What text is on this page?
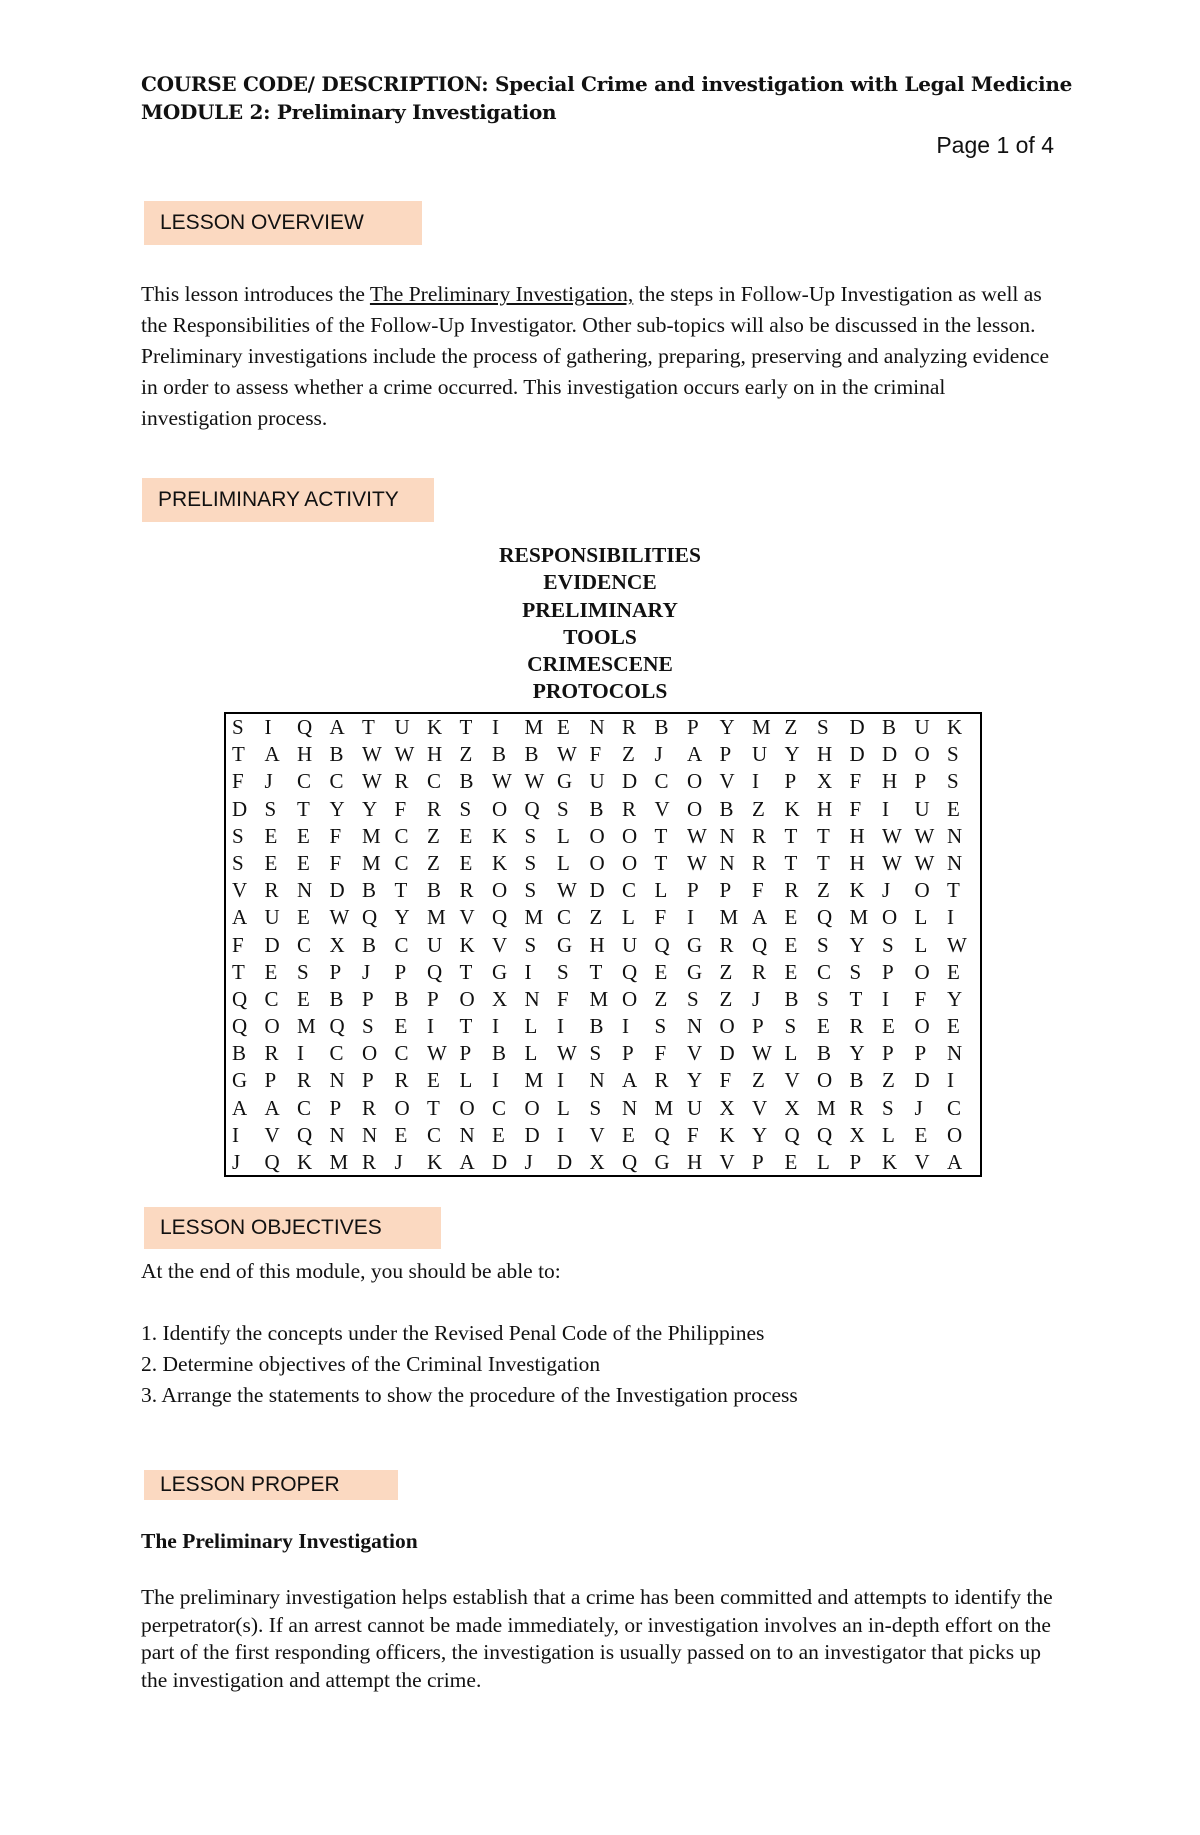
COURSE CODE/ DESCRIPTION: Special Crime and investigation with Legal Medicine
MODULE 2: Preliminary Investigation
Page 1 of 4
LESSON OVERVIEW

This lesson introduces the The Preliminary Investigation, the steps in Follow-Up Investigation as well as the Responsibilities of the Follow-Up Investigator. Other sub-topics will also be discussed in the lesson. Preliminary investigations include the process of gathering, preparing, preserving and analyzing evidence in order to assess whether a crime occurred. This investigation occurs early on in the criminal investigation process.

PRELIMINARY ACTIVITY
RESPONSIBILITIES
EVIDENCE
PRELIMINARY
TOOLS
CRIMESCENE
PROTOCOLS
S I	Q A T U K T I	M E N R B P Y M Z S D B U K
T A H B W W H Z B B W F Z J	A P U Y H D D O S
F J	C C W R C B W W G U D C O V I	P X F H P S
D S T Y Y F R S O Q S B R V O B Z K H F I	U E
S E E F M C Z E K S L O O T W N R T T H W W N
S E E F M C Z E K S L O O T W N R T T H W W N
V R N D B T B R O S W D C L P P F R Z K J	O T
A U E W Q Y M V Q M C Z L F I	M A E Q M O L I
F D C X B C U K V S G H U Q G R Q E S Y S L W
T E S P J	P Q T G I	S T Q E G Z R E C S P O E
Q C E B P B P O X N F M O Z S Z J	B S T I	F Y
Q O M Q S E I	T I	L I	B I	S N O P S E R E O E
B R I	C O C W P B L W S P F V D W L B Y P P N
G P R N P R E L I	M I	N A R Y F Z V O B Z D I
A A C P R O T O C O L S N M U X V X M R S J	C
I	V Q N N E C N E D I	V E Q F K Y Q Q X L E O
J	Q K M R J	K A D J	D X Q G H V P E L P K V A
LESSON OBJECTIVES
At the end of this module, you should be able to:
1. Identify the concepts under the Revised Penal Code of the Philippines
2. Determine objectives of the Criminal Investigation
3. Arrange the statements to show the procedure of the Investigation process
LESSON PROPER
The Preliminary Investigation

The preliminary investigation helps establish that a crime has been committed and attempts to identify the perpetrator(s). If an arrest cannot be made immediately, or investigation involves an in-depth effort on the part of the first responding officers, the investigation is usually passed on to an investigator that picks up the investigation and attempt the crime.
